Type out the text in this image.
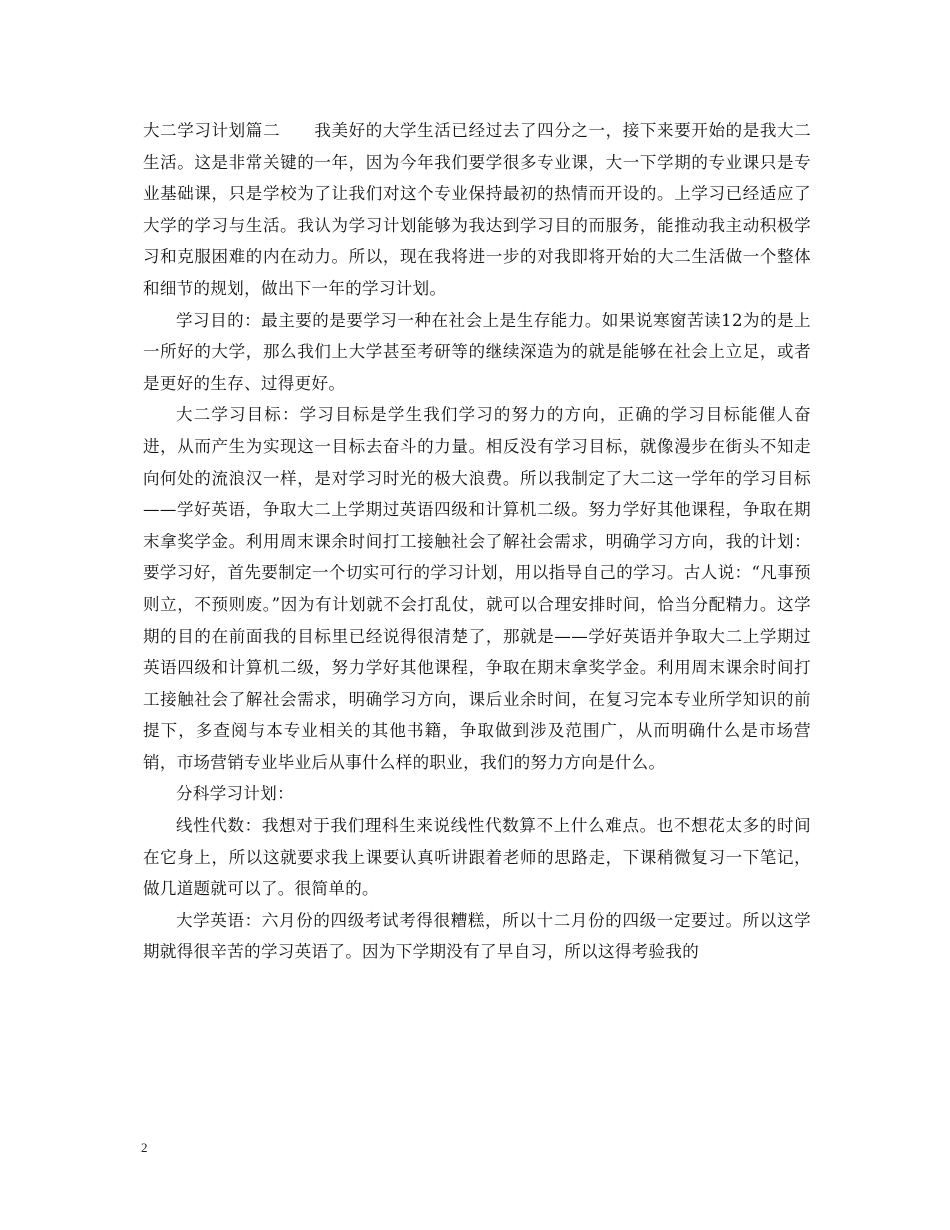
大二学习计划篇二　　我美好的大学生活已经过去了四分之一，接下来要开始的是我大二生活。这是非常关键的一年，因为今年我们要学很多专业课，大一下学期的专业课只是专业基础课，只是学校为了让我们对这个专业保持最初的热情而开设的。上学习已经适应了大学的学习与生活。我认为学习计划能够为我达到学习目的而服务，能推动我主动积极学习和克服困难的内在动力。所以，现在我将进一步的对我即将开始的大二生活做一个整体和细节的规划，做出下一年的学习计划。

学习目的：最主要的是要学习一种在社会上是生存能力。如果说寒窗苦读12为的是上一所好的大学，那么我们上大学甚至考研等的继续深造为的就是能够在社会上立足，或者是更好的生存、过得更好。

大二学习目标：学习目标是学生我们学习的努力的方向，正确的学习目标能催人奋进，从而产生为实现这一目标去奋斗的力量。相反没有学习目标，就像漫步在街头不知走向何处的流浪汉一样，是对学习时光的极大浪费。所以我制定了大二这一学年的学习目标——学好英语，争取大二上学期过英语四级和计算机二级。努力学好其他课程，争取在期末拿奖学金。利用周末课余时间打工接触社会了解社会需求，明确学习方向，我的计划：要学习好，首先要制定一个切实可行的学习计划，用以指导自己的学习。古人说：“凡事预则立，不预则废。”因为有计划就不会打乱仗，就可以合理安排时间，恰当分配精力。这学期的目的在前面我的目标里已经说得很清楚了，那就是——学好英语并争取大二上学期过英语四级和计算机二级，努力学好其他课程，争取在期末拿奖学金。利用周末课余时间打工接触社会了解社会需求，明确学习方向，课后业余时间，在复习完本专业所学知识的前提下，多查阅与本专业相关的其他书籍，争取做到涉及范围广，从而明确什么是市场营销，市场营销专业毕业后从事什么样的职业，我们的努力方向是什么。

分科学习计划：

线性代数：我想对于我们理科生来说线性代数算不上什么难点。也不想花太多的时间在它身上，所以这就要求我上课要认真听讲跟着老师的思路走，下课稍微复习一下笔记，做几道题就可以了。很简单的。

大学英语：六月份的四级考试考得很糟糕，所以十二月份的四级一定要过。所以这学期就得很辛苦的学习英语了。因为下学期没有了早自习，所以这得考验我的

2
